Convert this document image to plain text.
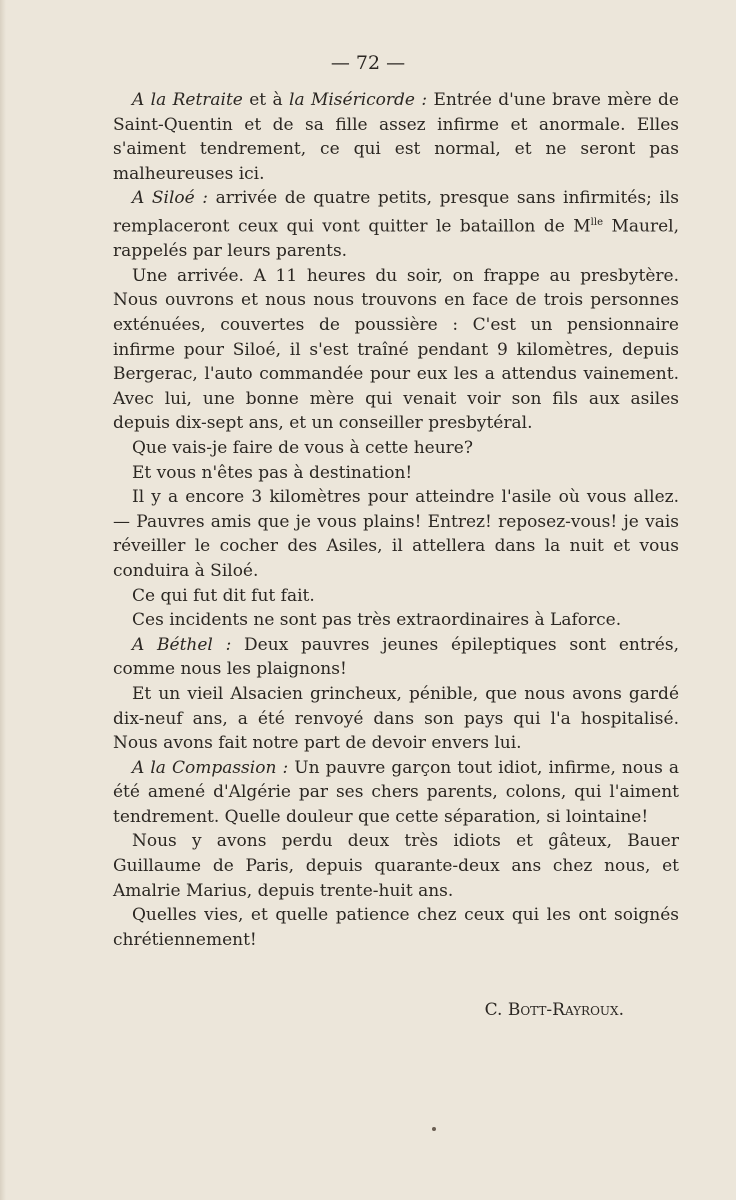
— 72 —

A la Retraite et à la Miséricorde : Entrée d'une brave mère de Saint-Quentin et de sa fille assez infirme et anormale. Elles s'aiment tendrement, ce qui est normal, et ne seront pas malheureuses ici.

A Siloé : arrivée de quatre petits, presque sans infirmités; ils remplaceront ceux qui vont quitter le bataillon de $M^{lle}$ Maurel, rappelés par leurs parents.

Une arrivée. A 11 heures du soir, on frappe au presbytère. Nous ouvrons et nous nous trouvons en face de trois personnes exténuées, couvertes de poussière : C'est un pensionnaire infirme pour Siloé, il s'est traîné pendant 9 kilomètres, depuis Bergerac, l'auto commandée pour eux les a attendus vainement. Avec lui, une bonne mère qui venait voir son fils aux asiles depuis dix-sept ans, et un conseiller presbytéral.

Que vais-je faire de vous à cette heure?

Et vous n'êtes pas à destination!

Il y a encore 3 kilomètres pour atteindre l'asile où vous allez. — Pauvres amis que je vous plains! Entrez! reposez-vous! je vais réveiller le cocher des Asiles, il attellera dans la nuit et vous conduira à Siloé.

Ce qui fut dit fut fait.

Ces incidents ne sont pas très extraordinaires à Laforce.

A Béthel : Deux pauvres jeunes épileptiques sont entrés, comme nous les plaignons!

Et un vieil Alsacien grincheux, pénible, que nous avons gardé dix-neuf ans, a été renvoyé dans son pays qui l'a hospitalisé. Nous avons fait notre part de devoir envers lui.

A la Compassion : Un pauvre garçon tout idiot, infirme, nous a été amené d'Algérie par ses chers parents, colons, qui l'aiment tendrement. Quelle douleur que cette séparation, si lointaine!

Nous y avons perdu deux très idiots et gâteux, Bauer Guillaume de Paris, depuis quarante-deux ans chez nous, et Amalrie Marius, depuis trente-huit ans.

Quelles vies, et quelle patience chez ceux qui les ont soignés chrétiennement!

C. Bott-Rayroux.
